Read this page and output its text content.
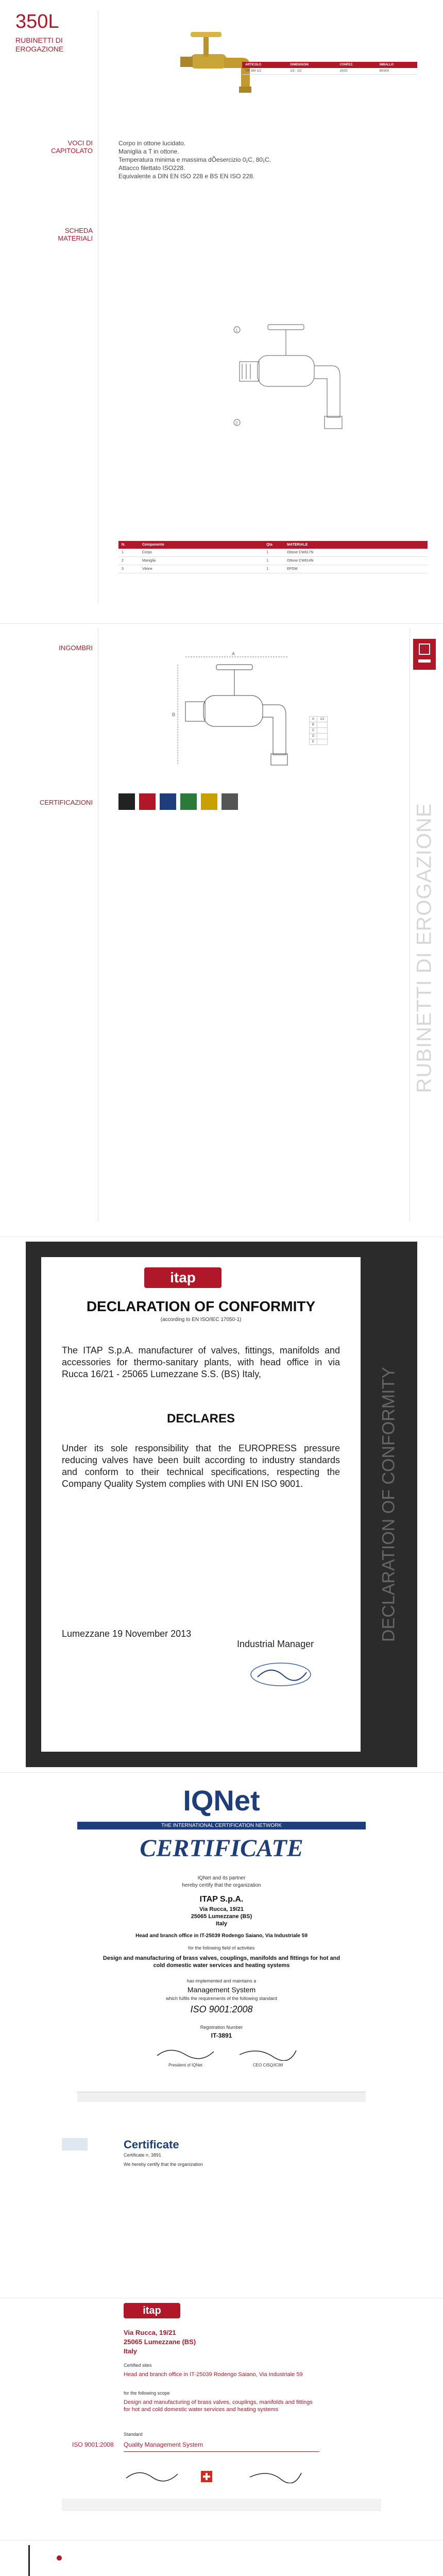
350L
RUBINETTI DI
EROGAZIONE
ARTICOLO	DIMENSIONI	CONFEZ.	IMBALLO
TIP 350 1/2	1/2 - 1/2	10/10	60/300
VOCI DI
CAPITOLATO
Corpo in ottone lucidato.
Maniglia a T in ottone.
Temperatura minima e massima dÕesercizio 0¡C, 80¡C.
Attacco filettato ISO228.
Equivalente a DIN EN ISO 228 e BS EN ISO 228.
SCHEDA
MATERIALI
1
2
N.	Componente	Qta	MATERIALE
1	Corpo	1	Ottone CW617N
2	Maniglia	1	Ottone CW614N
3	Vitone	1	EPDM
INGOMBRI
A
B
A	1/2
B	
C	
D	
E	
CERTIFICAZIONI
RUBINETTI DI EROGAZIONE
itap
DECLARATION OF CONFORMITY
(according to EN ISO/IEC 17050-1)
The ITAP S.p.A. manufacturer of valves, fittings, manifolds and accessories for thermo-sanitary plants, with head office in via Rucca 16/21 - 25065 Lumezzane S.S. (BS) Italy,
DECLARES
Under its sole responsibility that the EUROPRESS pressure reducing valves have been built according to industry standards and conform to their technical specifications, respecting the Company Quality System complies with UNI EN ISO 9001.
Lumezzane 19 November 2013
Industrial Manager
DECLARATION OF CONFORMITY
IQNet
THE INTERNATIONAL CERTIFICATION NETWORK
CERTIFICATE
IQNet and its partner
hereby certify that the organization
ITAP S.p.A.
Via Rucca, 19/21
25065 Lumezzane (BS)
Italy
Head and branch office in IT-25039 Rodengo Saiano, Via Industriale 59
for the following field of activities
Design and manufacturing of brass valves, couplings, manifolds and fittings for hot and cold domestic water services and heating systems
has implemented and maintains a
Management System
which fulfils the requirements of the following standard
ISO 9001:2008
Registration Number
IT-3891
President of IQNet	CEO CISQ/ICIM
Certificate
Certificate n. 3891
We hereby certify that the organization
itap
Via Rucca, 19/21
25065 Lumezzane (BS)
Italy
Certified sites
Head and branch office in IT-25039 Rodengo Saiano, Via Industriale 59
for the following scope
Design and manufacturing of brass valves, couplings, manifolds and fittings for hot and cold domestic water services and heating systems
Standard
ISO 9001:2008 Quality Management System
